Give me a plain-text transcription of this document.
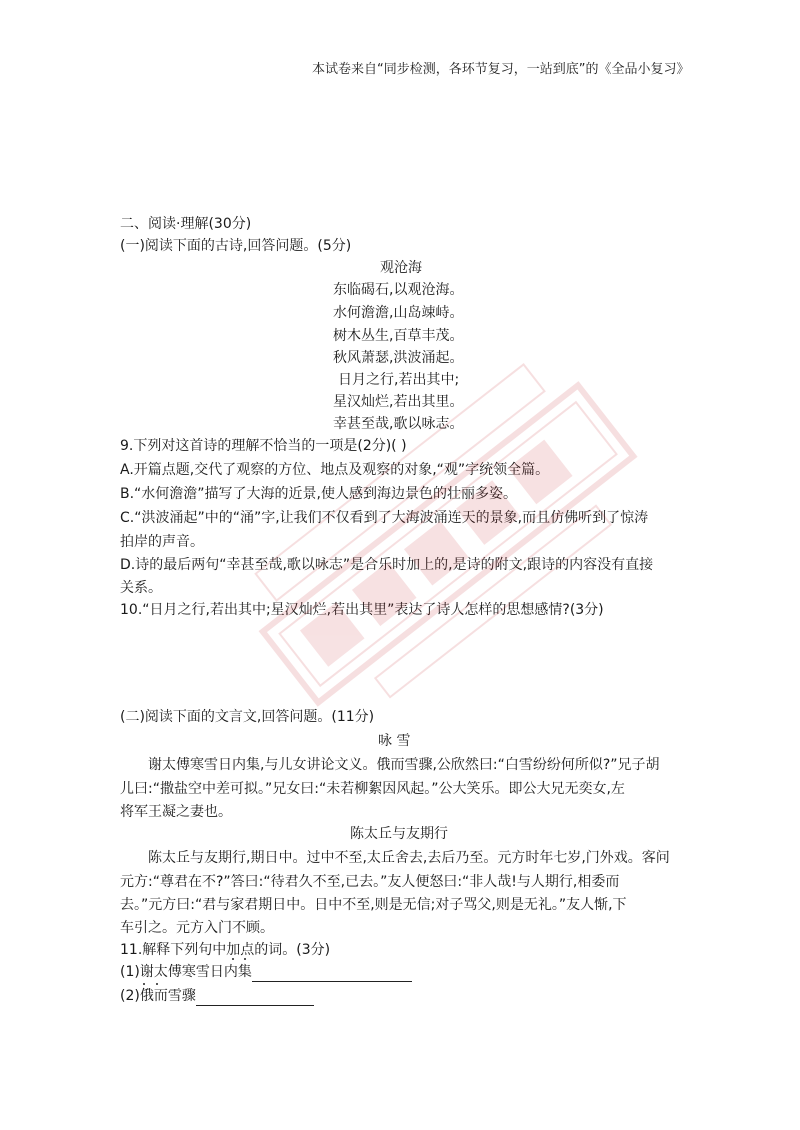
本试卷来自“同步检测，各环节复习，一站到底”的《全品小复习》
二、阅读·理解(30分)
(一)阅读下面的古诗,回答问题。(5分)
观沧海
东临碣石,以观沧海。
水何澹澹,山岛竦峙。
树木丛生,百草丰茂。
秋风萧瑟,洪波涌起。
日月之行,若出其中;
星汉灿烂,若出其里。
幸甚至哉,歌以咏志。
9.下列对这首诗的理解不恰当的一项是(2分)( )
A.开篇点题,交代了观察的方位、地点及观察的对象,“观”字统领全篇。
B.“水何澹澹”描写了大海的近景,使人感到海边景色的壮丽多姿。
C.“洪波涌起”中的“涌”字,让我们不仅看到了大海波涌连天的景象,而且仿佛听到了惊涛
拍岸的声音。
D.诗的最后两句“幸甚至哉,歌以咏志”是合乐时加上的,是诗的附文,跟诗的内容没有直接
关系。
10.“日月之行,若出其中;星汉灿烂,若出其里”表达了诗人怎样的思想感情?(3分)
(二)阅读下面的文言文,回答问题。(11分)
咏 雪
谢太傅寒雪日内集,与儿女讲论文义。俄而雪骤,公欣然曰:“白雪纷纷何所似?”兄子胡
儿曰:“撒盐空中差可拟。”兄女曰:“未若柳絮因风起。”公大笑乐。即公大兄无奕女,左
将军王凝之妻也。
陈太丘与友期行
陈太丘与友期行,期日中。过中不至,太丘舍去,去后乃至。元方时年七岁,门外戏。客问
元方:“尊君在不?”答曰:“待君久不至,已去。”友人便怒曰:“非人哉!与人期行,相委而
去。”元方曰:“君与家君期日中。日中不至,则是无信;对子骂父,则是无礼。”友人惭,下
车引之。元方入门不顾。
11.解释下列句中加点的词。(3分)
(1)谢太傅寒雪日内集
(2)俄而雪骤
